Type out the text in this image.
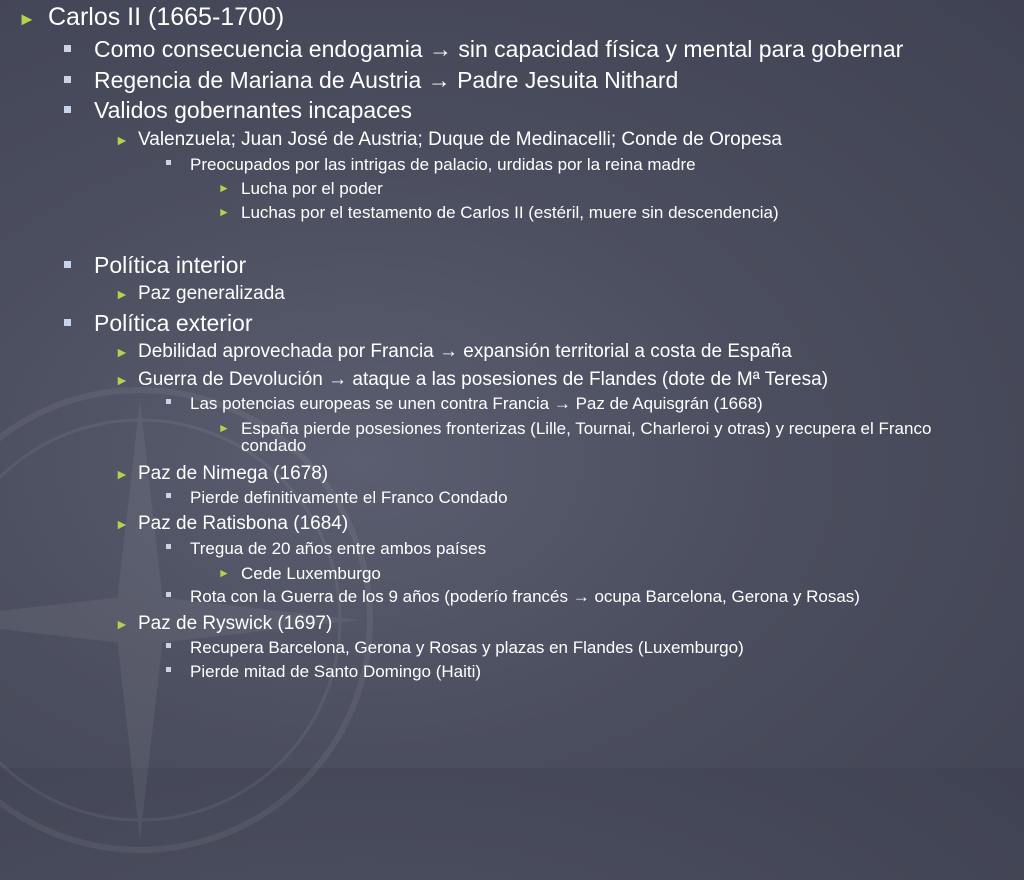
► Carlos II (1665-1700)
Como consecuencia endogamia → sin capacidad física y mental para gobernar
Regencia de Mariana de Austria → Padre Jesuita Nithard
Validos gobernantes incapaces
► Valenzuela; Juan José de Austria; Duque de Medinacelli; Conde de Oropesa
Preocupados por las intrigas de palacio, urdidas por la reina madre
► Lucha por el poder
► Luchas por el testamento de Carlos II (estéril, muere sin descendencia)
Política interior
► Paz generalizada
Política exterior
► Debilidad aprovechada por Francia → expansión territorial a costa de España
► Guerra de Devolución → ataque a las posesiones de Flandes (dote de Mª Teresa)
Las potencias europeas se unen contra Francia → Paz de Aquisgrán (1668)
► España pierde posesiones fronterizas (Lille, Tournai, Charleroi y otras) y recupera el Franco condado
► Paz de Nimega (1678)
Pierde definitivamente el Franco Condado
► Paz de Ratisbona (1684)
Tregua de 20 años entre ambos países
► Cede Luxemburgo
Rota con la Guerra de los 9 años (poderío francés → ocupa Barcelona, Gerona y Rosas)
► Paz de Ryswick (1697)
Recupera Barcelona, Gerona y Rosas y plazas en Flandes (Luxemburgo)
Pierde mitad de Santo Domingo (Haiti)
